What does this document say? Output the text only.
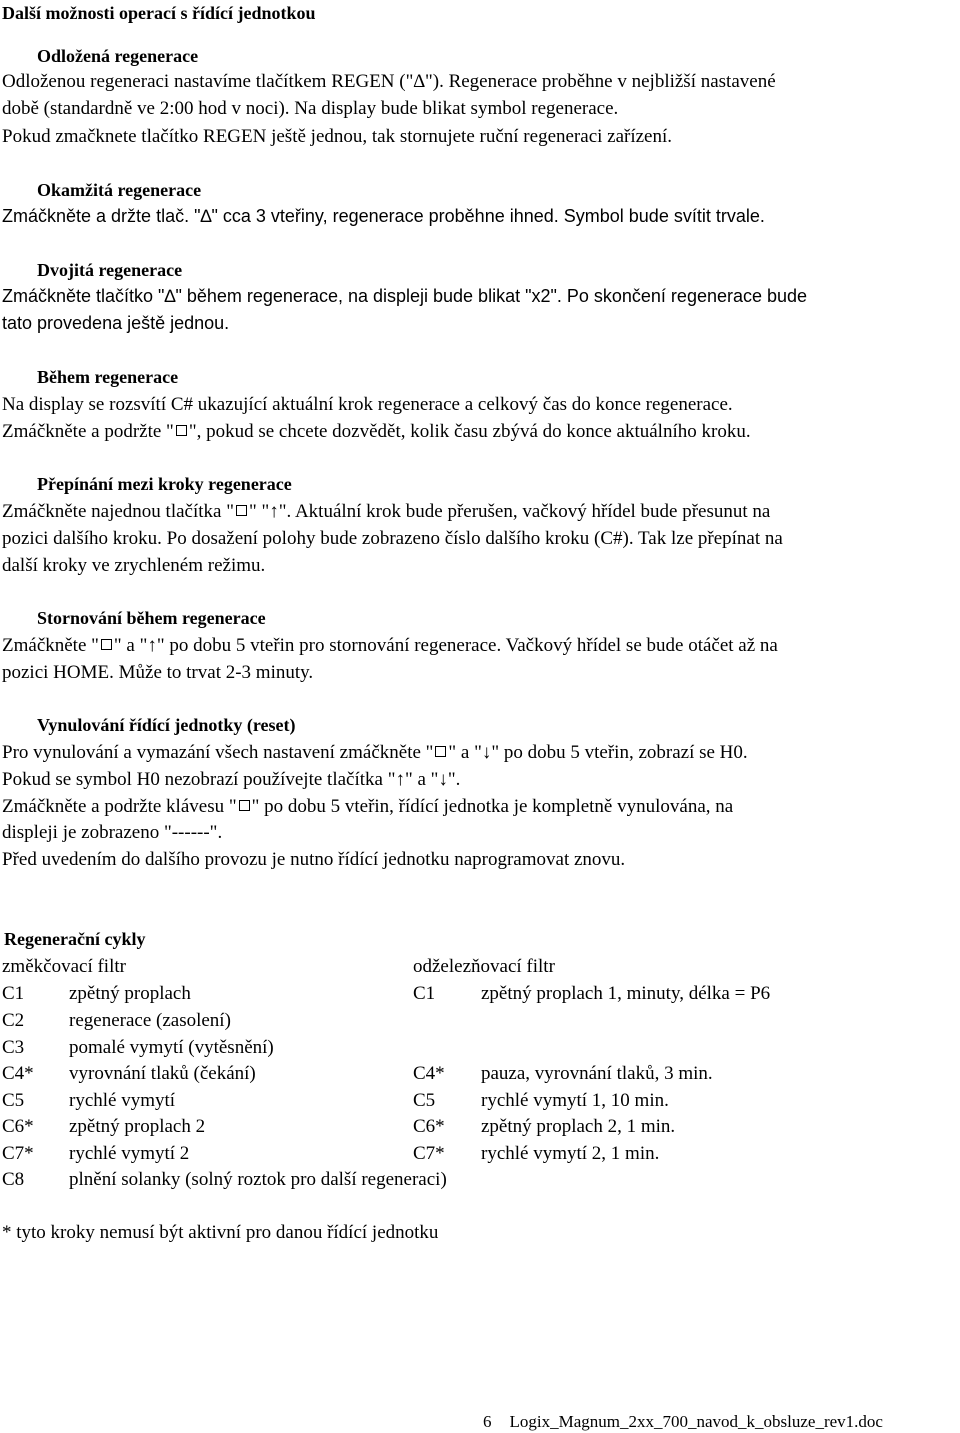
Další možnosti operací s řídící jednotkou
Odložená regenerace
Odloženou regeneraci nastavíme tlačítkem REGEN ("∆"). Regenerace proběhne v nejbližší nastavené
době (standardně ve 2:00 hod v noci). Na display bude blikat symbol regenerace.
Pokud zmačknete tlačítko REGEN ještě jednou, tak stornujete ruční regeneraci zařízení.
Okamžitá regenerace
Zmáčkněte a držte tlač. "∆" cca 3 vteřiny, regenerace proběhne ihned. Symbol bude svítit trvale.
Dvojitá regenerace
Zmáčkněte tlačítko "∆" během regenerace, na displeji bude blikat "x2". Po skončení regenerace bude
tato provedena ještě jednou.
Během regenerace
Na display se rozsvítí C# ukazující aktuální krok regenerace a celkový čas do konce regenerace.
Zmáčkněte a podržte " ", pokud se chcete dozvědět, kolik času zbývá do konce aktuálního kroku.
Přepínání mezi kroky regenerace
Zmáčkněte najednou tlačítka " " "↑". Aktuální krok bude přerušen, vačkový hřídel bude přesunut na
pozici dalšího kroku. Po dosažení polohy bude zobrazeno číslo dalšího kroku (C#). Tak lze přepínat na
další kroky ve zrychleném režimu.
Stornování během regenerace
Zmáčkněte " " a "↑" po dobu 5 vteřin pro stornování regenerace. Vačkový hřídel se bude otáčet až na
pozici HOME. Může to trvat 2-3 minuty.
Vynulování řídící jednotky (reset)
Pro vynulování a vymazání všech nastavení zmáčkněte " " a "↓" po dobu 5 vteřin, zobrazí se H0.
Pokud se symbol H0 nezobrazí používejte tlačítka "↑" a "↓".
Zmáčkněte a podržte klávesu " " po dobu 5 vteřin, řídící jednotka je kompletně vynulována, na
displeji je zobrazeno "------".
Před uvedením do dalšího provozu je nutno řídící jednotku naprogramovat znovu.
Regenerační cykly
změkčovací filtr	odželezňovací filtr
C1 zpětný proplach
C2 regenerace (zasolení)
C3 pomalé vymytí (vytěsnění)
C4* vyrovnání tlaků (čekání)
C5 rychlé vymytí
C6* zpětný proplach 2
C7* rychlé vymytí 2
C8 plnění solanky (solný roztok pro další regeneraci)
C1 zpětný proplach 1, minuty, délka = P6
C4* pauza, vyrovnání tlaků, 3 min.
C5 rychlé vymytí 1, 10 min.
C6* zpětný proplach 2, 1 min.
C7* rychlé vymytí 2, 1 min.
* tyto kroky nemusí být aktivní pro danou řídící jednotku
6 Logix_Magnum_2xx_700_navod_k_obsluze_rev1.doc
